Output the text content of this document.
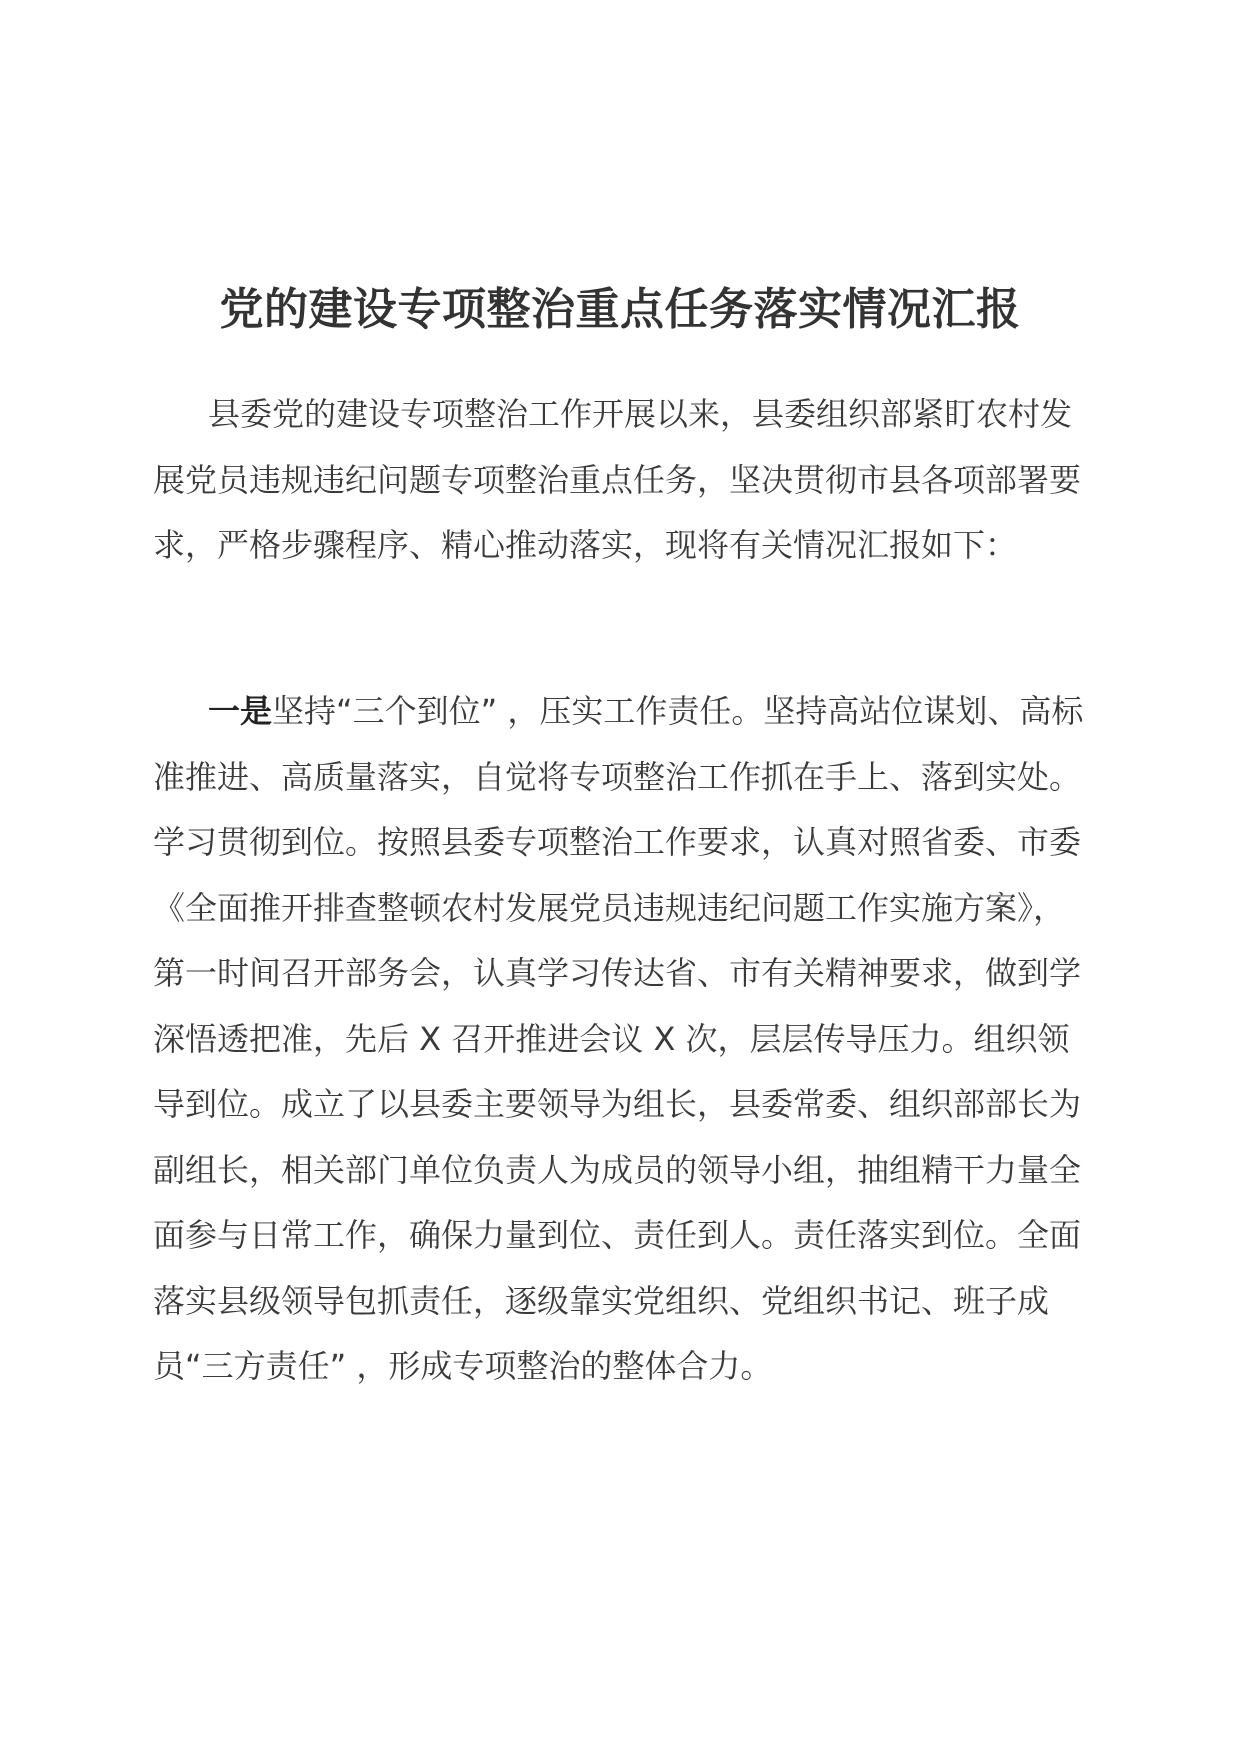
党的建设专项整治重点任务落实情况汇报

县委党的建设专项整治工作开展以来，县委组织部紧盯农村发展党员违规违纪问题专项整治重点任务，坚决贯彻市县各项部署要求，严格步骤程序、精心推动落实，现将有关情况汇报如下：

一是坚持“三个到位” ，压实工作责任。坚持高站位谋划、高标准推进、高质量落实，自觉将专项整治工作抓在手上、落到实处。学习贯彻到位。按照县委专项整治工作要求，认真对照省委、市委《全面推开排查整顿农村发展党员违规违纪问题工作实施方案》，第一时间召开部务会，认真学习传达省、市有关精神要求，做到学深悟透把准，先后 X 召开推进会议 X 次，层层传导压力。组织领导到位。成立了以县委主要领导为组长，县委常委、组织部部长为副组长，相关部门单位负责人为成员的领导小组，抽组精干力量全面参与日常工作，确保力量到位、责任到人。责任落实到位。全面落实县级领导包抓责任，逐级靠实党组织、党组织书记、班子成员“三方责任” ，形成专项整治的整体合力。
